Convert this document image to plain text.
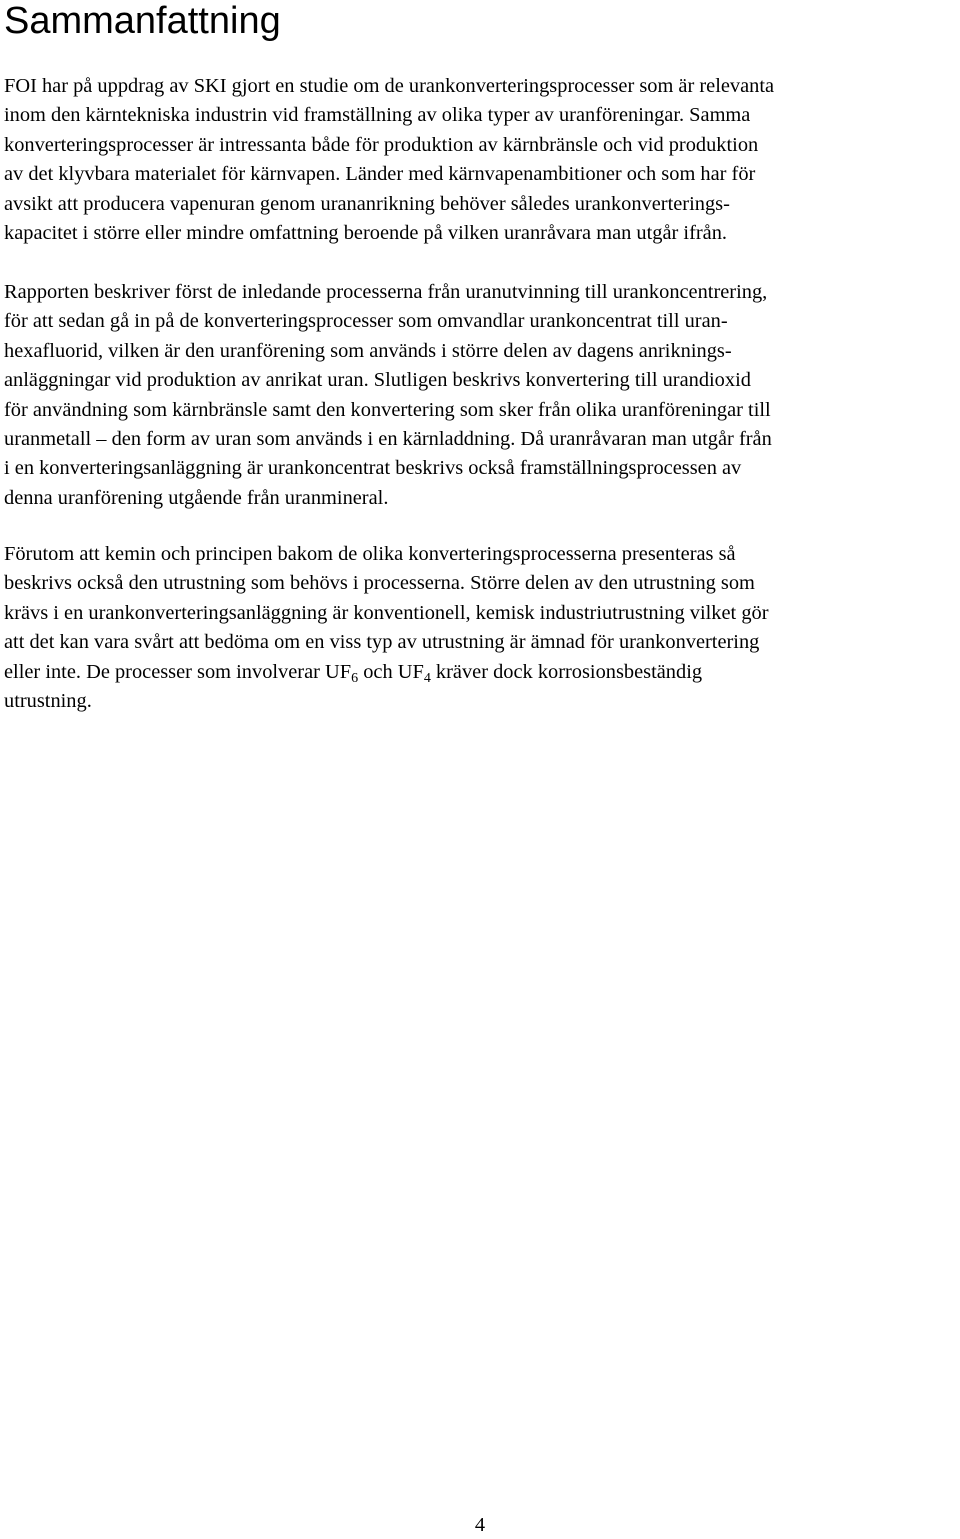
Sammanfattning

FOI har på uppdrag av SKI gjort en studie om de urankonverteringsprocesser som är relevanta
inom den kärntekniska industrin vid framställning av olika typer av uranföreningar. Samma
konverteringsprocesser är intressanta både för produktion av kärnbränsle och vid produktion
av det klyvbara materialet för kärnvapen. Länder med kärnvapenambitioner och som har för
avsikt att producera vapenuran genom urananrikning behöver således urankonverterings-
kapacitet i större eller mindre omfattning beroende på vilken uranråvara man utgår ifrån.

Rapporten beskriver först de inledande processerna från uranutvinning till urankoncentrering,
för att sedan gå in på de konverteringsprocesser som omvandlar urankoncentrat till uran-
hexafluorid, vilken är den uranförening som används i större delen av dagens anriknings-
anläggningar vid produktion av anrikat uran. Slutligen beskrivs konvertering till urandioxid
för användning som kärnbränsle samt den konvertering som sker från olika uranföreningar till
uranmetall – den form av uran som används i en kärnladdning. Då uranråvaran man utgår från
i en konverteringsanläggning är urankoncentrat beskrivs också framställningsprocessen av
denna uranförening utgående från uranmineral.

Förutom att kemin och principen bakom de olika konverteringsprocesserna presenteras så
beskrivs också den utrustning som behövs i processerna. Större delen av den utrustning som
krävs i en urankonverteringsanläggning är konventionell, kemisk industriutrustning vilket gör
att det kan vara svårt att bedöma om en viss typ av utrustning är ämnad för urankonvertering
eller inte. De processer som involverar $UF_6$ och $UF_4$ kräver dock korrosionsbeständig
utrustning.

4
